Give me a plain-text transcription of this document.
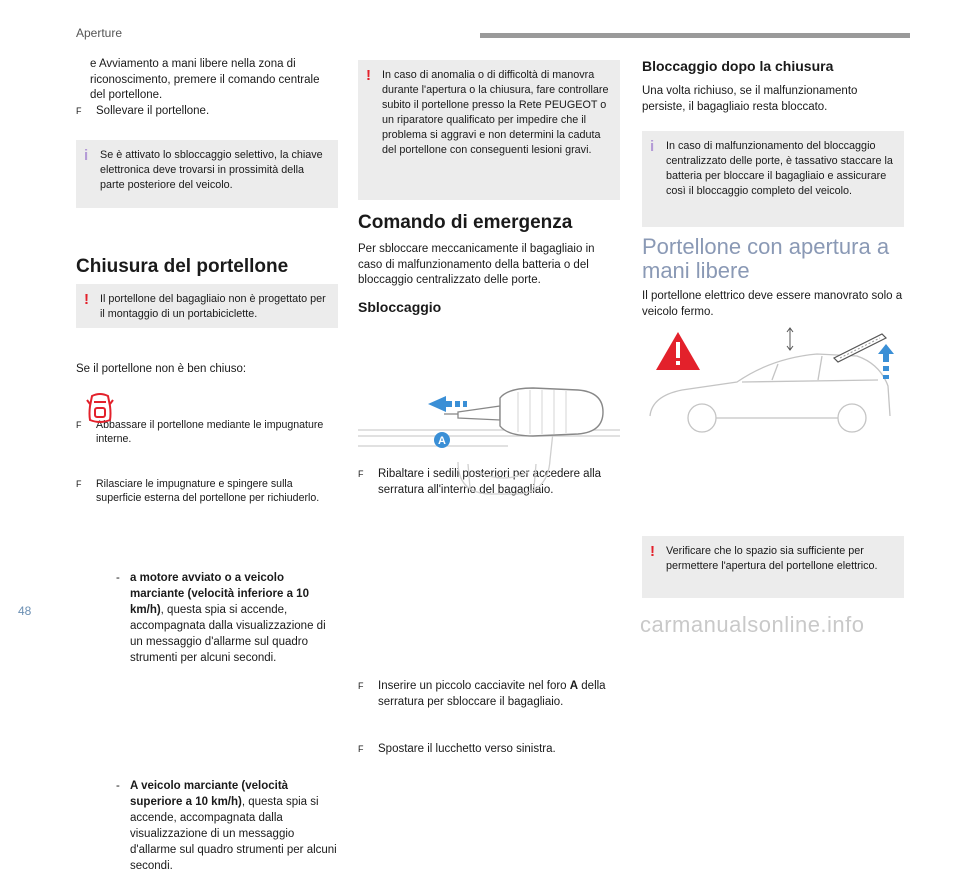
Aperture
48
carmanualsonline.info

e Avviamento a mani libere nella zona di riconoscimento, premere il comando centrale del portellone.

F Sollevare il portellone.
i Se è attivato lo sbloccaggio selettivo, la chiave elettronica deve trovarsi in prossimità della parte posteriore del veicolo.
! Il portellone del bagagliaio non è progettato per il montaggio di un portabiciclette.
Chiusura del portellone
F Abbassare il portellone mediante le impugnature interne.
F Rilasciare le impugnature e spingere sulla superficie esterna del portellone per richiuderlo.

Se il portellone non è ben chiuso:

- a motore avviato o a veicolo marciante (velocità inferiore a 10 km/h), questa spia si accende, accompagnata dalla visualizzazione di un messaggio d'allarme sul quadro strumenti per alcuni secondi.
- A veicolo marciante (velocità superiore a 10 km/h), questa spia si accende, accompagnata dalla visualizzazione di un messaggio d'allarme sul quadro strumenti per alcuni secondi.
! In caso di anomalia o di difficoltà di manovra durante l'apertura o la chiusura, fare controllare subito il portellone presso la Rete PEUGEOT o un riparatore qualificato per impedire che il problema si aggravi e non determini la caduta del portellone con conseguenti lesioni gravi.
Comando di emergenza

Per sbloccare meccanicamente il bagagliaio in caso di malfunzionamento della batteria o del bloccaggio centralizzato delle porte.

Sbloccaggio
F Ribaltare i sedili posteriori per accedere alla serratura all'interno del bagagliaio.
A
F Inserire un piccolo cacciavite nel foro A della serratura per sbloccare il bagagliaio.
F Spostare il lucchetto verso sinistra.
Bloccaggio dopo la chiusura

Una volta richiuso, se il malfunzionamento persiste, il bagagliaio resta bloccato.

i In caso di malfunzionamento del bloccaggio centralizzato delle porte, è tassativo staccare la batteria per bloccare il bagagliaio e assicurare così il bloccaggio completo del veicolo.
Portellone con apertura a mani libere

Il portellone elettrico deve essere manovrato solo a veicolo fermo.

! Verificare che lo spazio sia sufficiente per permettere l'apertura del portellone elettrico.
